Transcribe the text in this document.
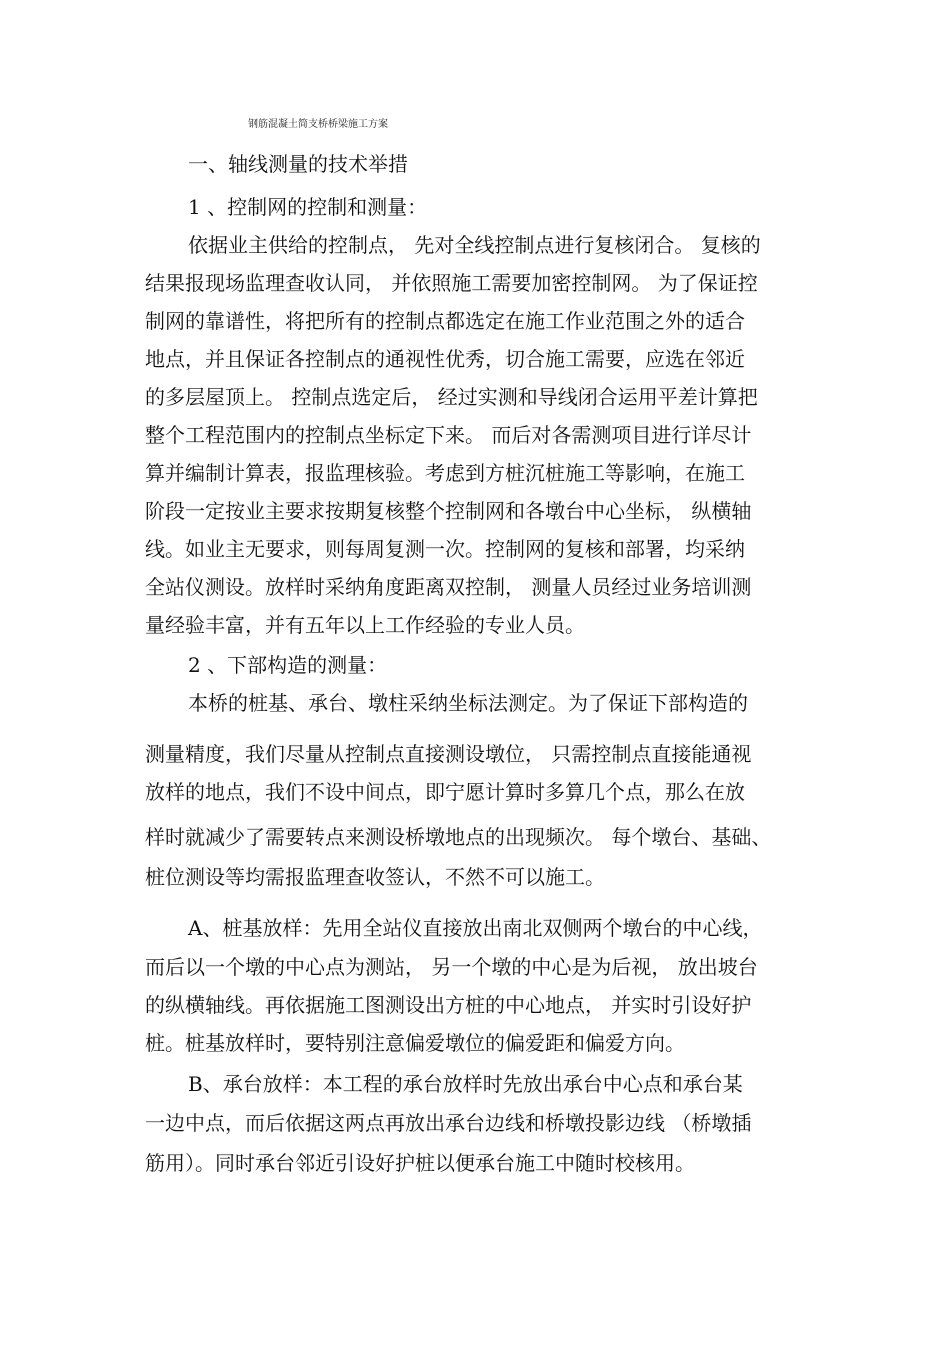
钢筋混凝土简支桥桥梁施工方案
一、轴线测量的技术举措
1 、控制网的控制和测量：
依据业主供给的控制点， 先对全线控制点进行复核闭合。 复核的
结果报现场监理查收认同， 并依照施工需要加密控制网。 为了保证控
制网的靠谱性，将把所有的控制点都选定在施工作业范围之外的适合
地点，并且保证各控制点的通视性优秀，切合施工需要，应选在邻近
的多层屋顶上。 控制点选定后， 经过实测和导线闭合运用平差计算把
整个工程范围内的控制点坐标定下来。 而后对各需测项目进行详尽计
算并编制计算表，报监理核验。考虑到方桩沉桩施工等影响，在施工
阶段一定按业主要求按期复核整个控制网和各墩台中心坐标， 纵横轴
线。如业主无要求，则每周复测一次。控制网的复核和部署，均采纳
全站仪测设。放样时采纳角度距离双控制， 测量人员经过业务培训测
量经验丰富，并有五年以上工作经验的专业人员。
2 、下部构造的测量：
本桥的桩基、承台、墩柱采纳坐标法测定。为了保证下部构造的
测量精度，我们尽量从控制点直接测设墩位， 只需控制点直接能通视
放样的地点，我们不设中间点，即宁愿计算时多算几个点，那么在放
样时就减少了需要转点来测设桥墩地点的出现频次。 每个墩台、基础、
桩位测设等均需报监理查收签认，不然不可以施工。
A、桩基放样：先用全站仪直接放出南北双侧两个墩台的中心线，
而后以一个墩的中心点为测站， 另一个墩的中心是为后视， 放出坡台
的纵横轴线。再依据施工图测设出方桩的中心地点， 并实时引设好护
桩。桩基放样时，要特别注意偏爱墩位的偏爱距和偏爱方向。
B、承台放样：本工程的承台放样时先放出承台中心点和承台某
一边中点，而后依据这两点再放出承台边线和桥墩投影边线 （桥墩插
筋用）。同时承台邻近引设好护桩以便承台施工中随时校核用。
